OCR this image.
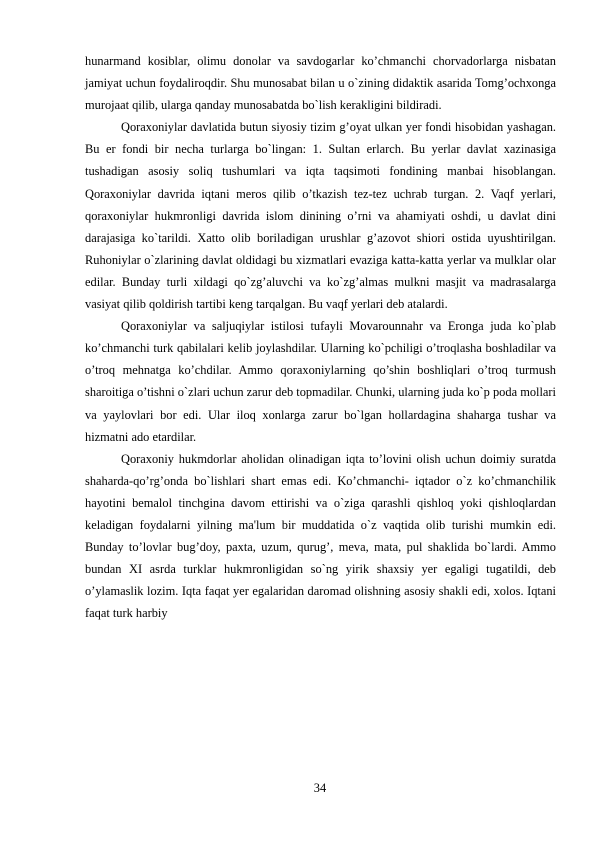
hunarmand kosiblar, olimu donolar va savdogarlar ko’chmanchi chorvadorlarga nisbatan jamiyat uchun foydaliroqdir. Shu munosabat bilan u o`zining didaktik asarida Tomg’ochxonga murojaat qilib, ularga qanday munosabatda bo`lish kerakligini bildiradi.

Qoraxoniylar davlatida butun siyosiy tizim g’oyat ulkan yer fondi hisobidan yashagan. Bu er fondi bir necha turlarga bo`lingan: 1. Sultan erlarch. Bu yerlar davlat xazinasiga tushadigan asosiy soliq tushumlari va iqta taqsimoti fondining manbai hisoblangan. Qoraxoniylar davrida iqtani meros qilib o’tkazish tez-tez uchrab turgan. 2. Vaqf yerlari, qoraxoniylar hukmronligi davrida islom dinining o’rni va ahamiyati oshdi, u davlat dini darajasiga ko`tarildi. Xatto olib boriladigan urushlar g’azovot shiori ostida uyushtirilgan. Ruhoniylar o`zlarining davlat oldidagi bu xizmatlari evaziga katta-katta yerlar va mulklar olar edilar. Bunday turli xildagi qo`zg’aluvchi va ko`zg’almas mulkni masjit va madrasalarga vasiyat qilib qoldirish tartibi keng tarqalgan. Bu vaqf yerlari deb atalardi.

Qoraxoniylar va saljuqiylar istilosi tufayli Movarounnahr va Eronga juda ko`plab ko’chmanchi turk qabilalari kelib joylashdilar. Ularning ko`pchiligi o’troqlasha boshladilar va o’troq mehnatga ko’chdilar. Ammo qoraxoniylarning qo’shin boshliqlari o’troq turmush sharoitiga o’tishni o`zlari uchun zarur deb topmadilar. Chunki, ularning juda ko`p poda mollari va yaylovlari bor edi. Ular iloq xonlarga zarur bo`lgan hollardagina shaharga tushar va hizmatni ado etardilar.

Qoraxoniy hukmdorlar aholidan olinadigan iqta to’lovini olish uchun doimiy suratda shaharda-qo’rg’onda bo`lishlari shart emas edi. Ko’chmanchi- iqtador o`z ko’chmanchilik hayotini bemalol tinchgina davom ettirishi va o`ziga qarashli qishloq yoki qishloqlardan keladigan foydalarni yilning ma'lum bir muddatida o`z vaqtida olib turishi mumkin edi. Bunday to’lovlar bug’doy, paxta, uzum, qurug’, meva, mata, pul shaklida bo`lardi. Ammo bundan XI asrda turklar hukmronligidan so`ng yirik shaxsiy yer egaligi tugatildi, deb o’ylamaslik lozim. Iqta faqat yer egalaridan daromad olishning asosiy shakli edi, xolos. Iqtani faqat turk harbiy

34
